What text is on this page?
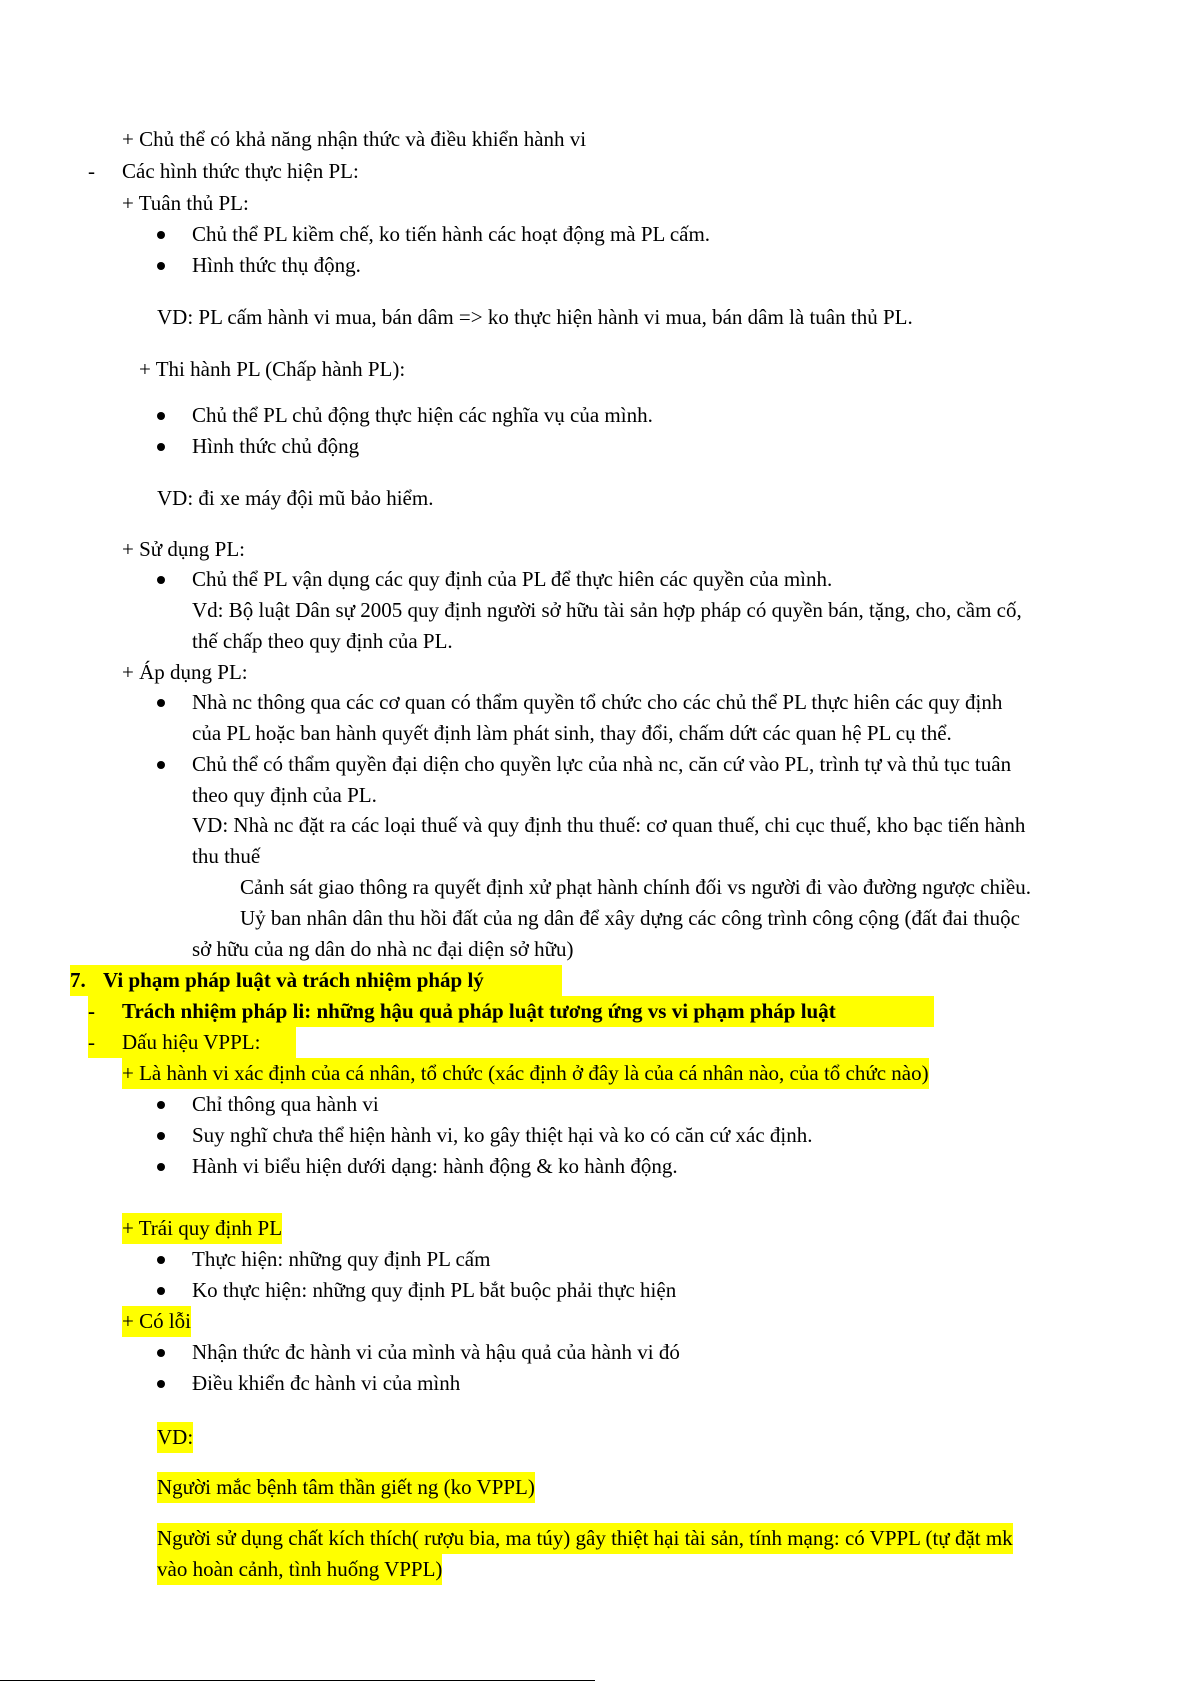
+ Chủ thể có khả năng nhận thức và điều khiển hành vi
- Các hình thức thực hiện PL:
+ Tuân thủ PL:
Chủ thể PL kiềm chế, ko tiến hành các hoạt động mà PL cấm.
Hình thức thụ động.
VD: PL cấm hành vi mua, bán dâm => ko thực hiện hành vi mua, bán dâm là tuân thủ PL.
+ Thi hành PL (Chấp hành PL):
Chủ thể PL chủ động thực hiện các nghĩa vụ của mình.
Hình thức chủ động
VD: đi xe máy đội mũ bảo hiểm.
+ Sử dụng PL:
Chủ thể PL vận dụng các quy định của PL để thực hiên các quyền của mình.
Vd: Bộ luật Dân sự 2005 quy định người sở hữu tài sản hợp pháp có quyền bán, tặng, cho, cầm cố,
thế chấp theo quy định của PL.
+ Áp dụng PL:
Nhà nc thông qua các cơ quan có thẩm quyền tổ chức cho các chủ thể PL thực hiên các quy định
của PL hoặc ban hành quyết định làm phát sinh, thay đổi, chấm dứt các quan hệ PL cụ thể.
Chủ thể có thẩm quyền đại diện cho quyền lực của nhà nc, căn cứ vào PL, trình tự và thủ tục tuân
theo quy định của PL.
VD: Nhà nc đặt ra các loại thuế và quy định thu thuế: cơ quan thuế, chi cục thuế, kho bạc tiến hành
thu thuế
Cảnh sát giao thông ra quyết định xử phạt hành chính đối vs người đi vào đường ngược chiều.
Uỷ ban nhân dân thu hồi đất của ng dân để xây dựng các công trình công cộng (đất đai thuộc
sở hữu của ng dân do nhà nc đại diện sở hữu)
7. Vi phạm pháp luật và trách nhiệm pháp lý
- Trách nhiệm pháp li: những hậu quả pháp luật tương ứng vs vi phạm pháp luật
- Dấu hiệu VPPL:
+ Là hành vi xác định của cá nhân, tổ chức (xác định ở đây là của cá nhân nào, của tổ chức nào)
Chỉ thông qua hành vi
Suy nghĩ chưa thể hiện hành vi, ko gây thiệt hại và ko có căn cứ xác định.
Hành vi biểu hiện dưới dạng: hành động & ko hành động.
+ Trái quy định PL
Thực hiện: những quy định PL cấm
Ko thực hiện: những quy định PL bắt buộc phải thực hiện
+ Có lỗi
Nhận thức đc hành vi của mình và hậu quả của hành vi đó
Điều khiển đc hành vi của mình
VD:
Người mắc bệnh tâm thần giết ng (ko VPPL)
Người sử dụng chất kích thích( rượu bia, ma túy) gây thiệt hại tài sản, tính mạng: có VPPL (tự đặt mk
vào hoàn cảnh, tình huống VPPL)
